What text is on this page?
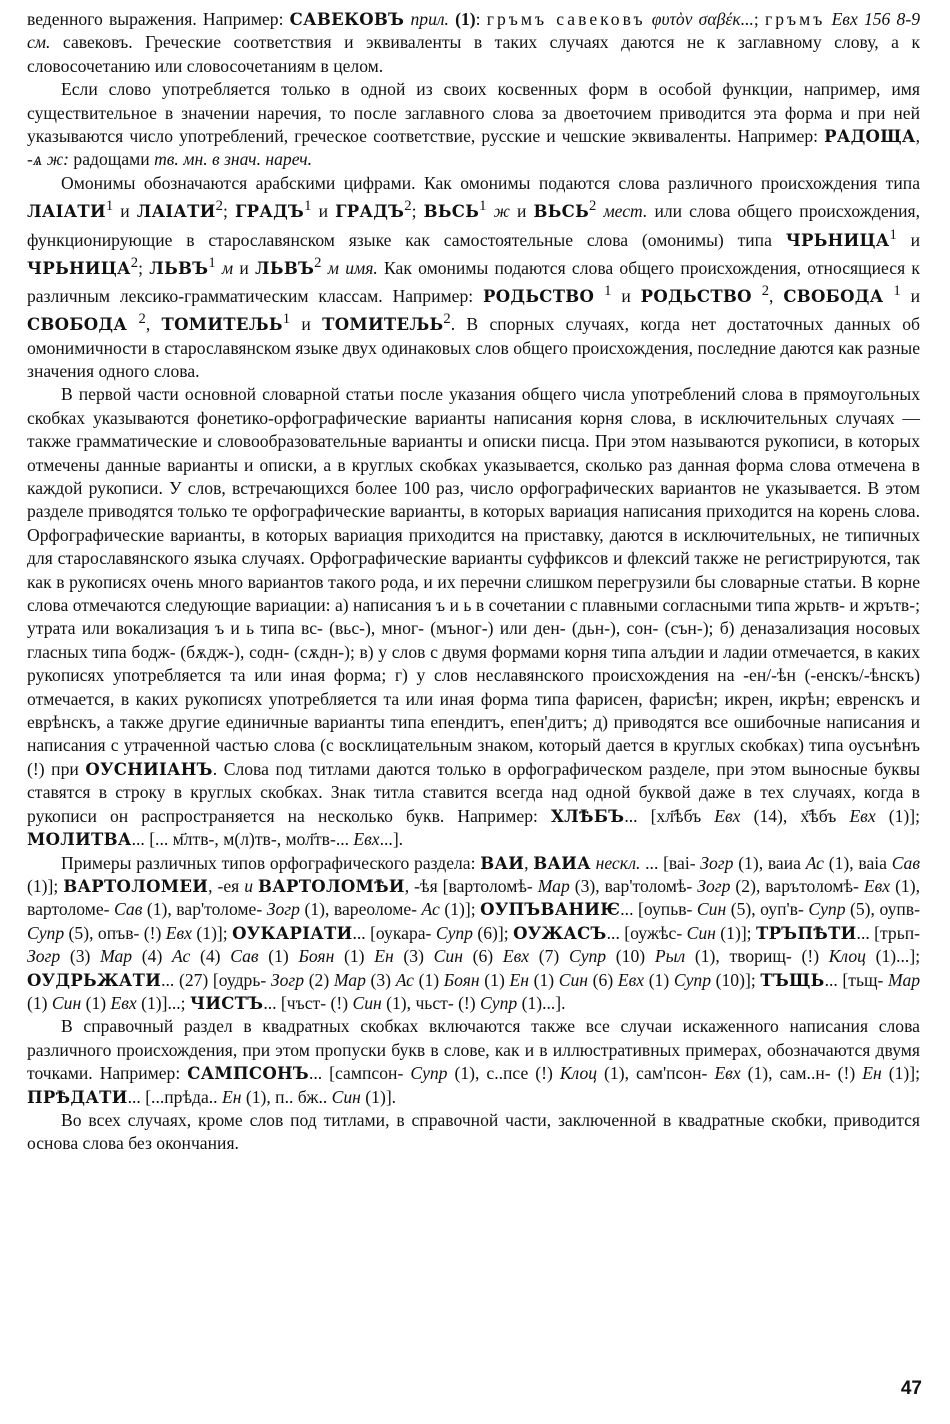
веденного выражения. Например: САВЕКОВЪ прил. (1): гръмъ савековъ φυτὸν σαβέκ...; гръмъ Евх 156 8-9 см. савековъ. Греческие соответствия и эквиваленты в таких случаях даются не к заглавному слову, а к словосочетанию или словосочетаниям в целом.

Если слово употребляется только в одной из своих косвенных форм в особой функции, например, имя существительное в значении наречия, то после заглавного слова за двоеточием приводится эта форма и при ней указываются число употреблений, греческое соответствие, русские и чешские эквиваленты. Например: РАДОЩА, -ѧ ж: радощами тв. мн. в знач. нареч.

Омонимы обозначаются арабскими цифрами. Как омонимы подаются слова различного происхождения типа ЛАІАТИ$^1$ и ЛАІАТИ$^2$; ГРАДЪ$^1$ и ГРАДЪ$^2$; ВЬСЬ$^1$ ж и ВЬСЬ$^2$ мест. или слова общего происхождения, функционирующие в старославянском языке как самостоятельные слова (омонимы) типа ЧРЬНИЦА$^1$ и ЧРЬНИЦА$^2$; ЛЬВЪ$^1$ м и ЛЬВЪ$^2$ м имя. Как омонимы подаются слова общего происхождения, относящиеся к различным лексико-грамматическим классам. Например: РОДЬСТВО $^1$ и РОДЬСТВО $^2$, СВОБОДА $^1$ и СВОБОДА $^2$, ТОМИТЕЉЬ$^1$ и ТОМИТЕЉЬ$^2$. В спорных случаях, когда нет достаточных данных об омонимичности в старославянском языке двух одинаковых слов общего происхождения, последние даются как разные значения одного слова.

В первой части основной словарной статьи после указания общего числа употреблений слова в прямоугольных скобках указываются фонетико-орфографические варианты написания корня слова, в исключительных случаях — также грамматические и словообразовательные варианты и описки писца. При этом называются рукописи, в которых отмечены данные варианты и описки, а в круглых скобках указывается, сколько раз данная форма слова отмечена в каждой рукописи. У слов, встречающихся более 100 раз, число орфографических вариантов не указывается. В этом разделе приводятся только те орфографические варианты, в которых вариация написания приходится на корень слова. Орфографические варианты, в которых вариация приходится на приставку, даются в исключительных, не типичных для старославянского языка случаях. Орфографические варианты суффиксов и флексий также не регистрируются, так как в рукописях очень много вариантов такого рода, и их перечни слишком перегрузили бы словарные статьи. В корне слова отмечаются следующие вариации: а) написания ъ и ь в сочетании с плавными согласными типа жрьтв- и жрътв-; утрата или вокализация ъ и ь типа вс- (вьс-), мног- (мъног-) или ден- (дьн-), сон- (сън-); б) деназализация носовых гласных типа бодж- (бѫдж-), содн- (сѫдн-); в) у слов с двумя формами корня типа алъдии и ладии отмечается, в каких рукописях употребляется та или иная форма; г) у слов неславянского происхождения на -ен/-ѣн (-енскъ/-ѣнскъ) отмечается, в каких рукописях употребляется та или иная форма типа фарисен, фарисѣн; икрен, икрѣн; евренскъ и еврѣнскъ, а также другие единичные варианты типа епендитъ, епен'дитъ; д) приводятся все ошибочные написания и написания с утраченной частью слова (с восклицательным знаком, который дается в круглых скобках) типа оусънѣнъ (!) при ОУСНИІАНЪ. Слова под титлами даются только в орфографическом разделе, при этом выносные буквы ставятся в строку в круглых скобках. Знак титла ставится всегда над одной буквой даже в тех случаях, когда в рукописи он распространяется на несколько букв. Например: ХЛѢБЪ... [хл҃ѣбъ Евх (14), х҃ѣбъ Евх (1)]; МОЛИТВА... [... м҃лтв-, м(л)тв-, мол҃тв-... Евх...].

Примеры различных типов орфографического раздела: ВАИ, ВАИА нескл. ... [ваі- Зогр (1), ваиа Ас (1), ваіа Сав (1)]; ВАРТОЛОМЕИ, -ея и ВАРТОЛОМѢИ, -ѣя [вартоломѣ- Мар (3), вар'толомѣ- Зогр (2), варътоломѣ- Евх (1), вартоломе- Сав (1), вар'толоме- Зогр (1), вареоломе- Ас (1)]; ОУПЪВАНИѤ... [оупьв- Син (5), оуп'в- Супр (5), оупв- Супр (5), опъв- (!) Евх (1)]; ОУКАРІАТИ... [оукара- Супр (6)]; ОУЖАСЪ... [оужѣс- Син (1)]; ТРЪПѢТИ... [трьп- Зогр (3) Мар (4) Ас (4) Сав (1) Боян (1) Ен (3) Син (6) Евх (7) Супр (10) Рыл (1), творищ- (!) Клоц (1)...]; ОУДРЬЖАТИ... (27) [оудрь- Зогр (2) Мар (3) Ас (1) Боян (1) Ен (1) Син (6) Евх (1) Супр (10)]; ТЪЩЬ... [тьщ- Мар (1) Син (1) Евх (1)]...; ЧИСТЪ... [чъст- (!) Син (1), чьст- (!) Супр (1)...].

В справочный раздел в квадратных скобках включаются также все случаи искаженного написания слова различного происхождения, при этом пропуски букв в слове, как и в иллюстративных примерах, обозначаются двумя точками. Например: САМПСОНЪ... [сампсон- Супр (1), с..псе (!) Клоц (1), сам'псон- Евх (1), сам..н- (!) Ен (1)]; ПРѢДАТИ... [...прѣда.. Ен (1), п.. бж.. Син (1)].

Во всех случаях, кроме слов под титлами, в справочной части, заключенной в квадратные скобки, приводится основа слова без окончания.

47
